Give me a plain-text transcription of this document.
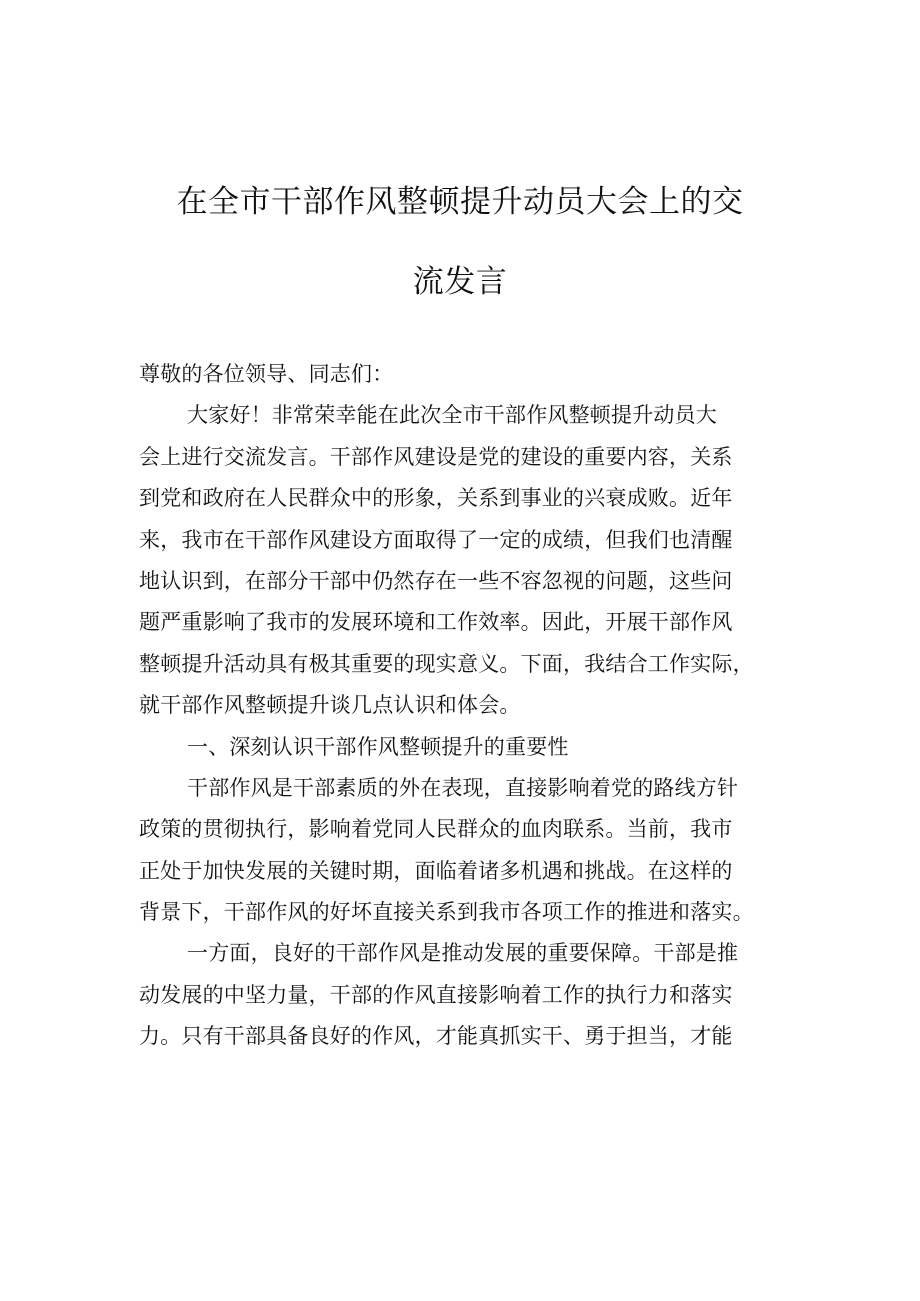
在全市干部作风整顿提升动员大会上的交
流发言
尊敬的各位领导、同志们：
大家好！非常荣幸能在此次全市干部作风整顿提升动员大
会上进行交流发言。干部作风建设是党的建设的重要内容，关系
到党和政府在人民群众中的形象，关系到事业的兴衰成败。近年
来，我市在干部作风建设方面取得了一定的成绩，但我们也清醒
地认识到，在部分干部中仍然存在一些不容忽视的问题，这些问
题严重影响了我市的发展环境和工作效率。因此，开展干部作风
整顿提升活动具有极其重要的现实意义。下面，我结合工作实际，
就干部作风整顿提升谈几点认识和体会。
一、深刻认识干部作风整顿提升的重要性
干部作风是干部素质的外在表现，直接影响着党的路线方针
政策的贯彻执行，影响着党同人民群众的血肉联系。当前，我市
正处于加快发展的关键时期，面临着诸多机遇和挑战。在这样的
背景下，干部作风的好坏直接关系到我市各项工作的推进和落实。
一方面，良好的干部作风是推动发展的重要保障。干部是推
动发展的中坚力量，干部的作风直接影响着工作的执行力和落实
力。只有干部具备良好的作风，才能真抓实干、勇于担当，才能
